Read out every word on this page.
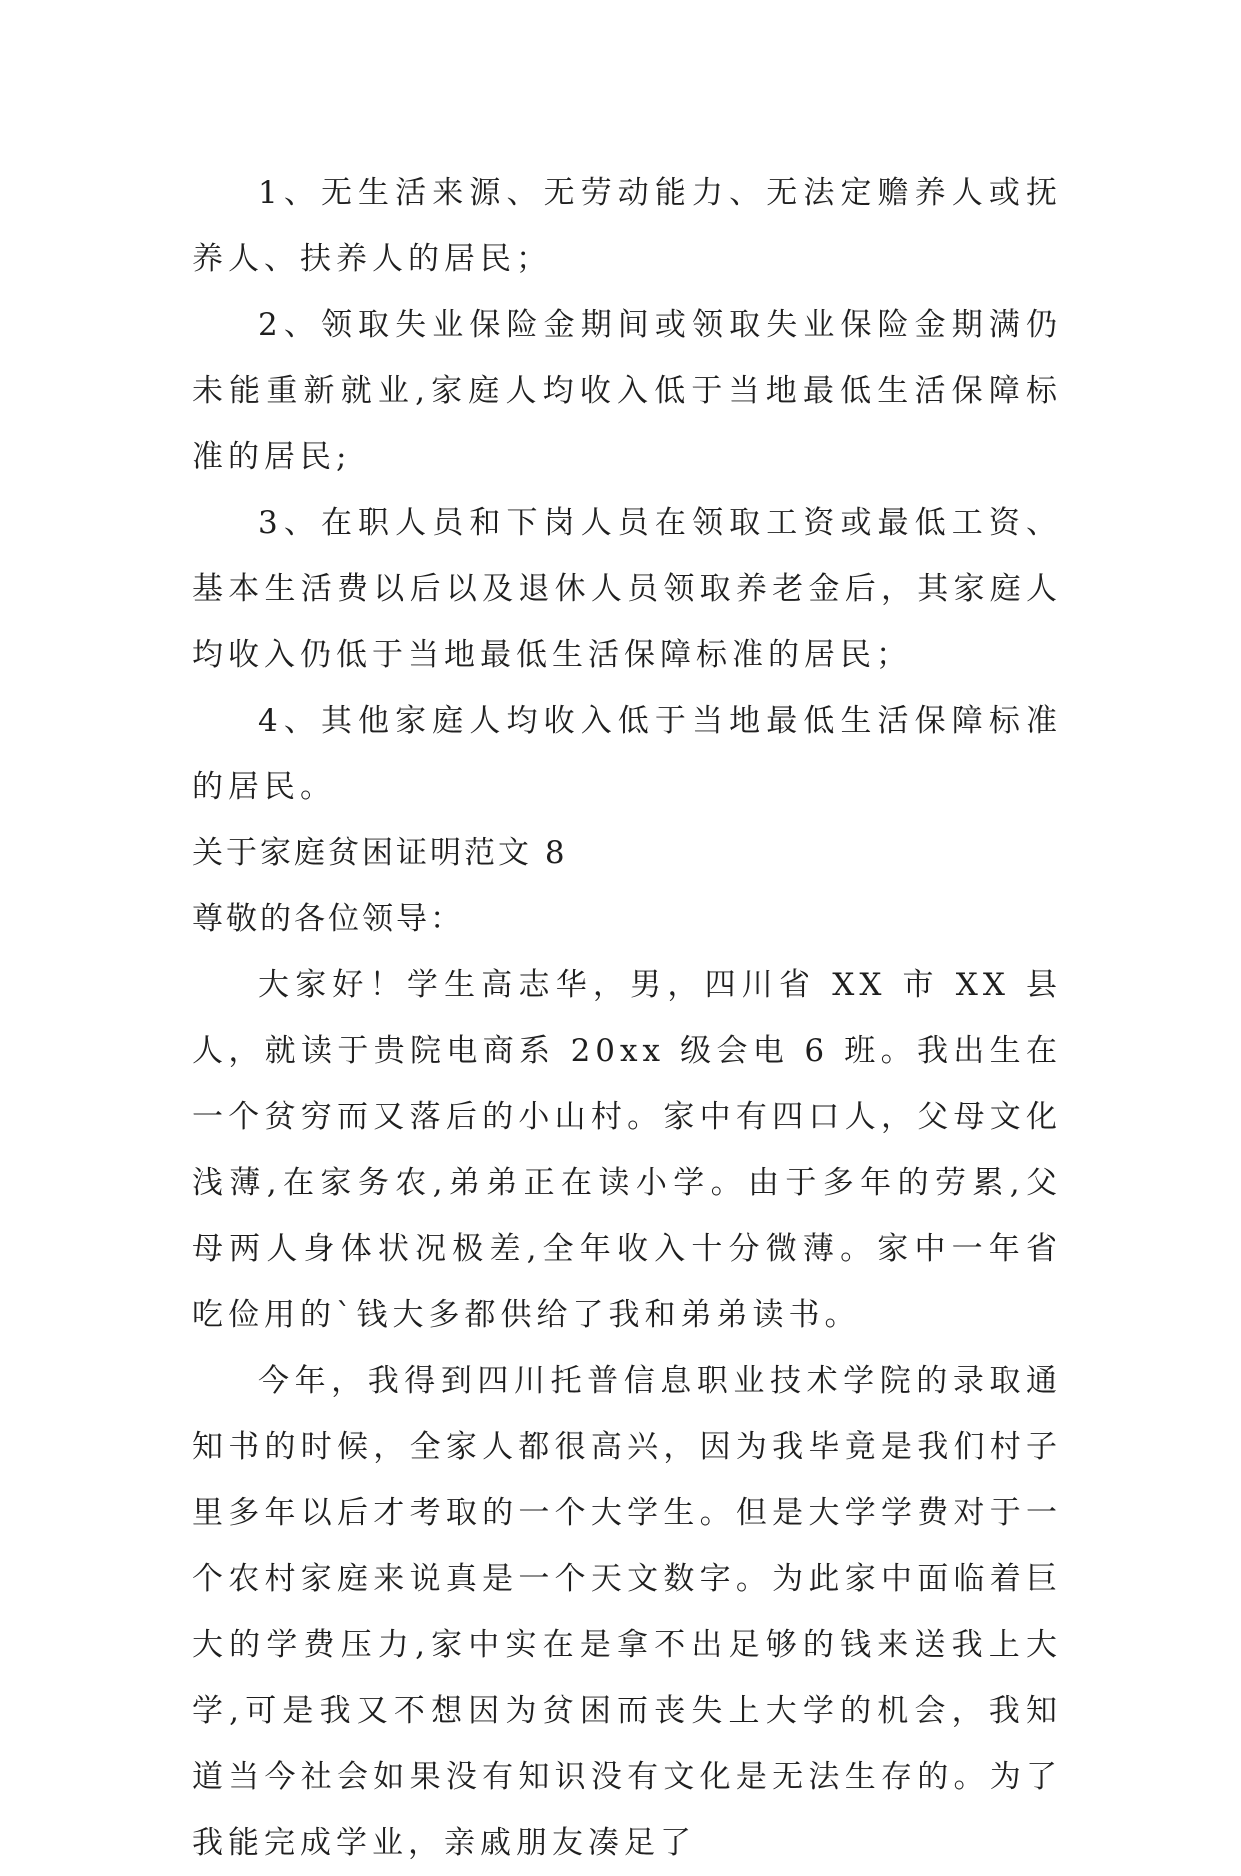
1、无生活来源、无劳动能力、无法定赡养人或抚养人、扶养人的居民；

2、领取失业保险金期间或领取失业保险金期满仍未能重新就业,家庭人均收入低于当地最低生活保障标准的居民;

3、在职人员和下岗人员在领取工资或最低工资、基本生活费以后以及退休人员领取养老金后，其家庭人均收入仍低于当地最低生活保障标准的居民；

4、其他家庭人均收入低于当地最低生活保障标准的居民。

关于家庭贫困证明范文 8

尊敬的各位领导：

大家好！学生高志华，男，四川省 XX 市 XX 县人，就读于贵院电商系 20xx 级会电 6 班。我出生在一个贫穷而又落后的小山村。家中有四口人，父母文化浅薄,在家务农,弟弟正在读小学。由于多年的劳累,父母两人身体状况极差,全年收入十分微薄。家中一年省吃俭用的`钱大多都供给了我和弟弟读书。

今年，我得到四川托普信息职业技术学院的录取通知书的时候，全家人都很高兴，因为我毕竟是我们村子里多年以后才考取的一个大学生。但是大学学费对于一个农村家庭来说真是一个天文数字。为此家中面临着巨大的学费压力,家中实在是拿不出足够的钱来送我上大学,可是我又不想因为贫困而丧失上大学的机会，我知道当今社会如果没有知识没有文化是无法生存的。为了我能完成学业，亲戚朋友凑足了
